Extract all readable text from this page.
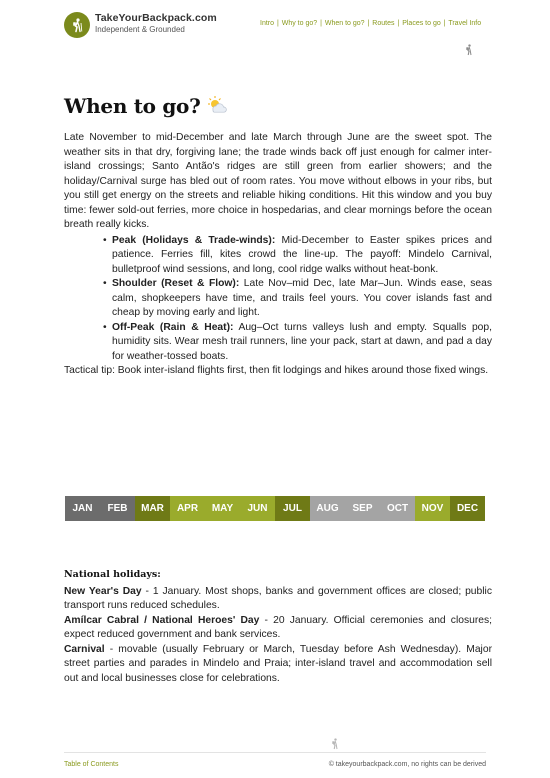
TakeYourBackpack.com
Independent & Grounded
Intro | Why to go? | When to go? | Routes | Places to go | Travel Info
When to go?

Late November to mid-December and late March through June are the sweet spot. The weather sits in that dry, forgiving lane; the trade winds back off just enough for calmer inter-island crossings; Santo Antão's ridges are still green from earlier showers; and the holiday/Carnival surge has bled out of room rates. You move without elbows in your ribs, but you still get energy on the streets and reliable hiking conditions. Hit this window and you buy time: fewer sold-out ferries, more choice in hospedarias, and clear mornings before the ocean breath really kicks.

• Peak (Holidays & Trade-winds): Mid-December to Easter spikes prices and patience. Ferries fill, kites crowd the line-up. The payoff: Mindelo Carnival, bulletproof wind sessions, and long, cool ridge walks without heat-bonk.
• Shoulder (Reset & Flow): Late Nov–mid Dec, late Mar–Jun. Winds ease, seas calm, shopkeepers have time, and trails feel yours. You cover islands fast and cheap by moving early and light.
• Off-Peak (Rain & Heat): Aug–Oct turns valleys lush and empty. Squalls pop, humidity sits. Wear mesh trail runners, line your pack, start at dawn, and pad a day for weather-tossed boats.

Tactical tip: Book inter-island flights first, then fit lodgings and hikes around those fixed wings.

JAN	FEB	MAR	APR	MAY	JUN	JUL	AUG	SEP	OCT	NOV	DEC

National holidays:

New Year's Day - 1 January. Most shops, banks and government offices are closed; public transport runs reduced schedules.

Amílcar Cabral / National Heroes' Day - 20 January. Official ceremonies and closures; expect reduced government and bank services.

Carnival - movable (usually February or March, Tuesday before Ash Wednesday). Major street parties and parades in Mindelo and Praia; inter-island travel and accommodation sell out and local businesses close for celebrations.

Table of Contents	© takeyourbackpack.com, no rights can be derived
